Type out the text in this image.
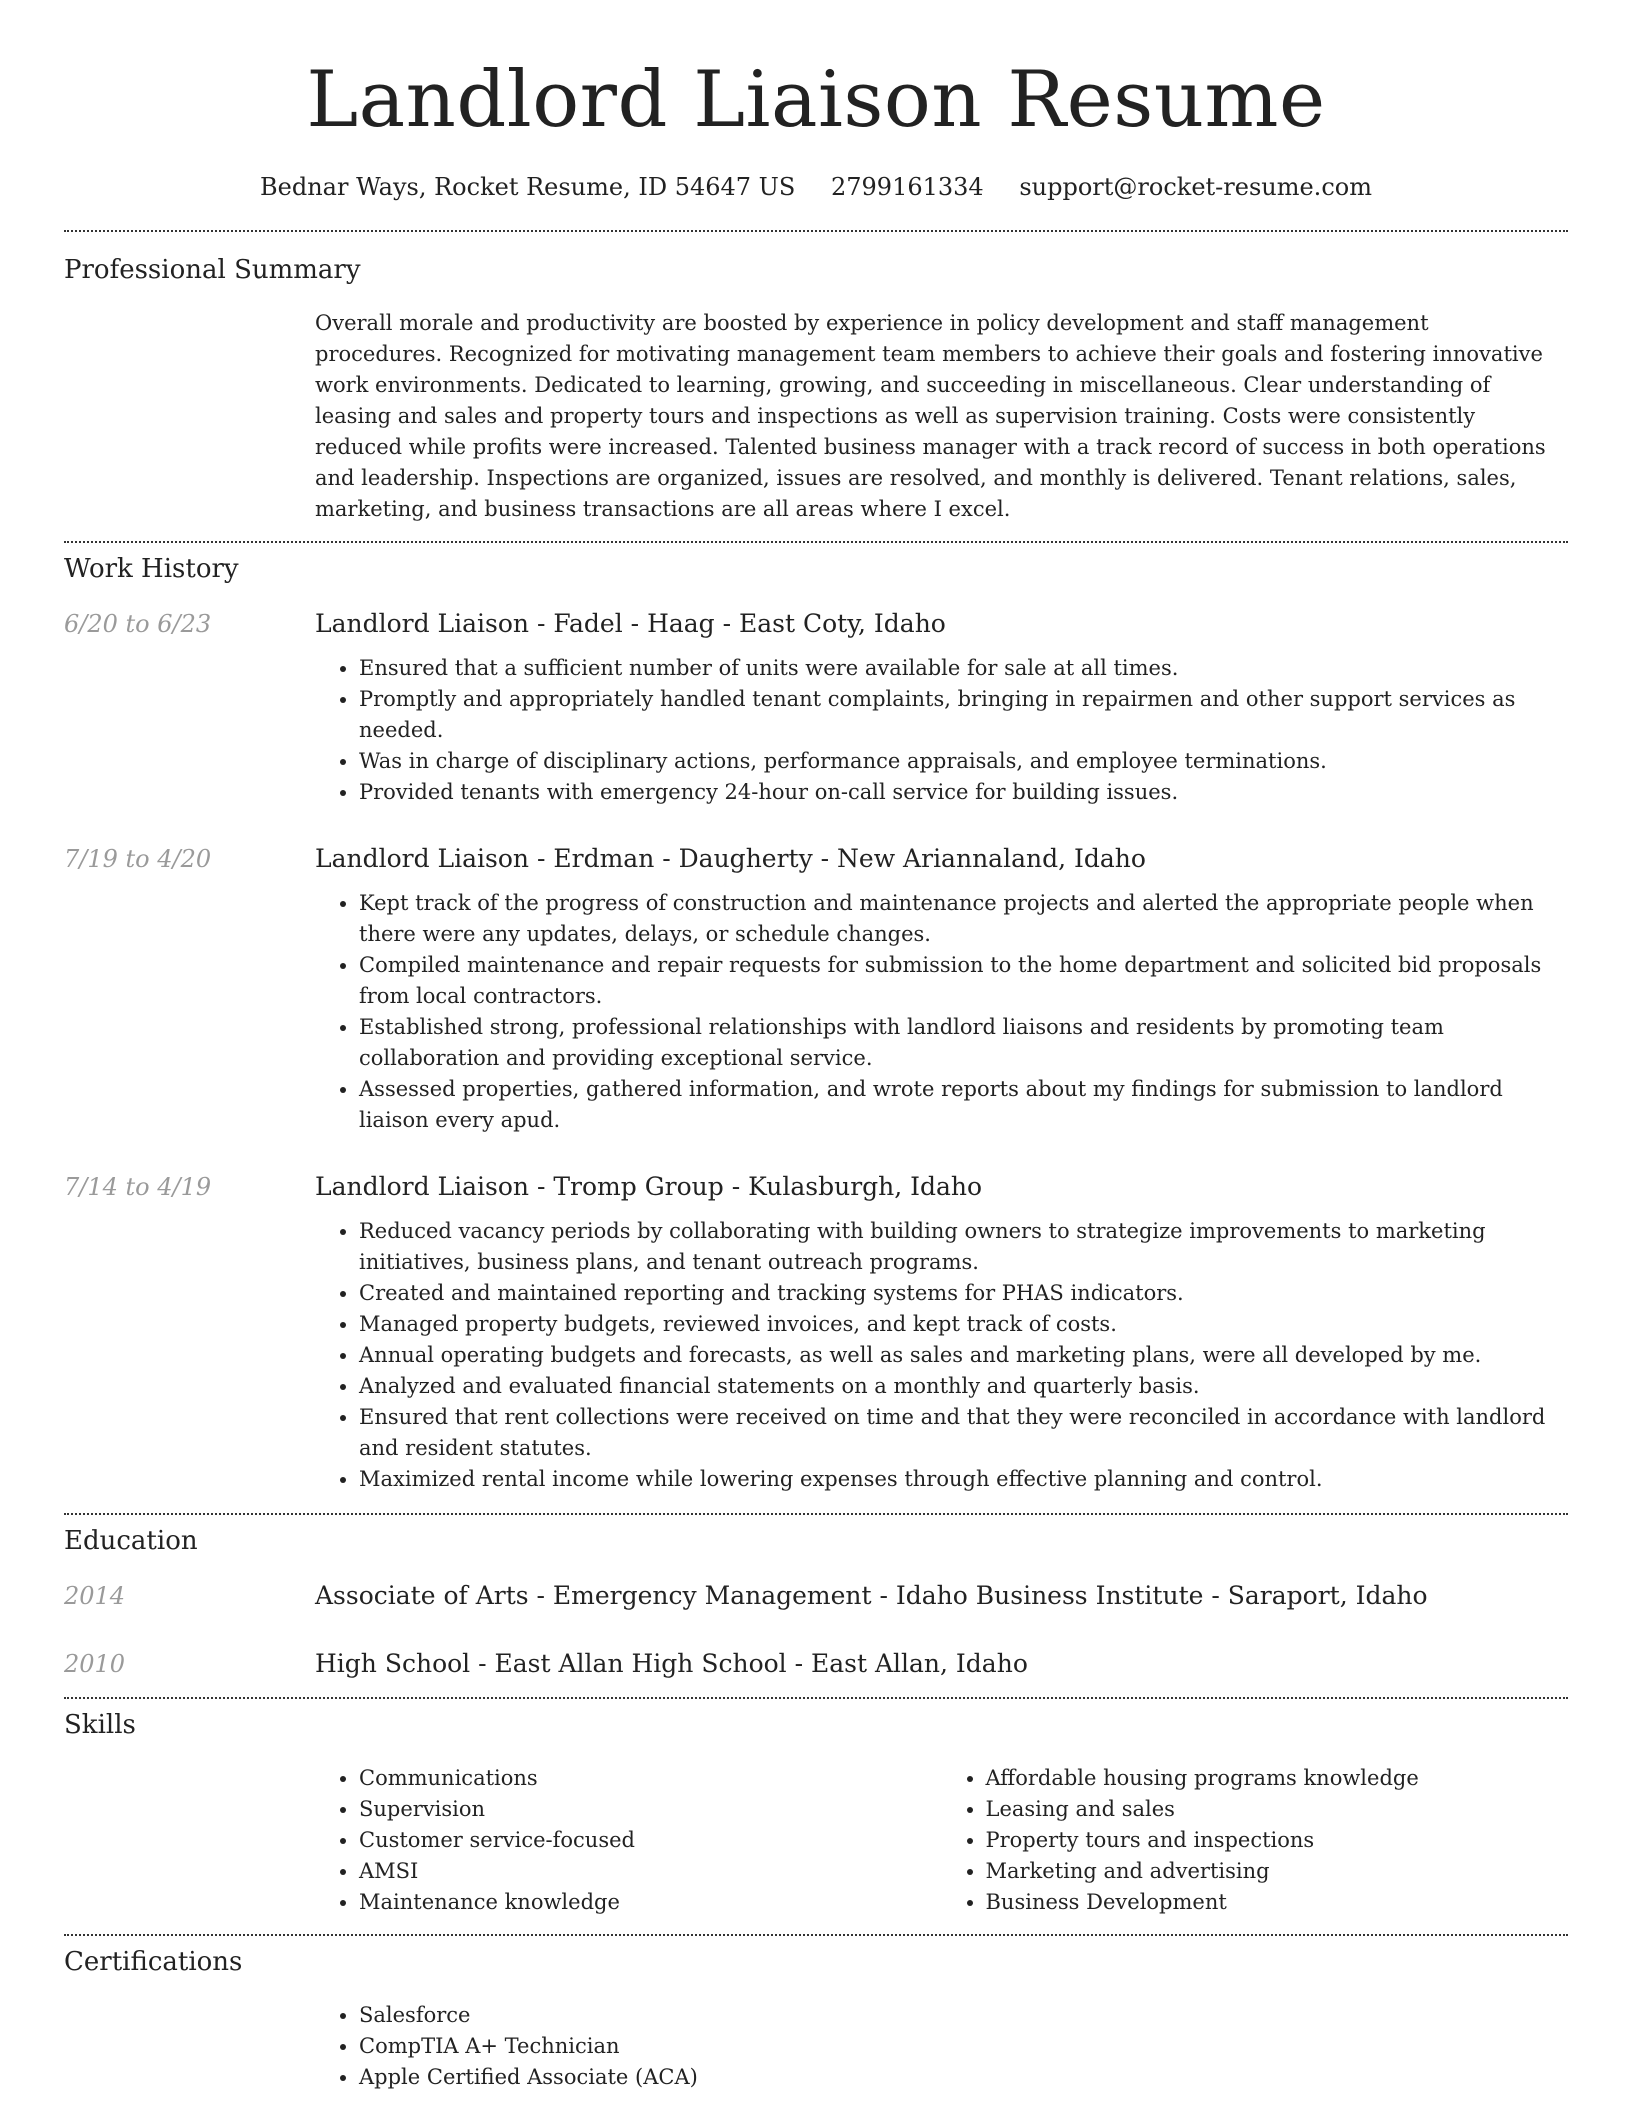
Landlord Liaison Resume
Bednar Ways, Rocket Resume, ID 54647 US 2799161334 support@rocket-resume.com
Professional Summary

Overall morale and productivity are boosted by experience in policy development and staff management procedures. Recognized for motivating management team members to achieve their goals and fostering innovative work environments. Dedicated to learning, growing, and succeeding in miscellaneous. Clear understanding of leasing and sales and property tours and inspections as well as supervision training. Costs were consistently reduced while profits were increased. Talented business manager with a track record of success in both operations and leadership. Inspections are organized, issues are resolved, and monthly is delivered. Tenant relations, sales, marketing, and business transactions are all areas where I excel.

Work History
6/20 to 6/23	Landlord Liaison - Fadel - Haag - East Coty, Idaho
• Ensured that a sufficient number of units were available for sale at all times.
• Promptly and appropriately handled tenant complaints, bringing in repairmen and other support services as needed.
• Was in charge of disciplinary actions, performance appraisals, and employee terminations.
• Provided tenants with emergency 24-hour on-call service for building issues.
7/19 to 4/20	Landlord Liaison - Erdman - Daugherty - New Ariannaland, Idaho
• Kept track of the progress of construction and maintenance projects and alerted the appropriate people when there were any updates, delays, or schedule changes.
• Compiled maintenance and repair requests for submission to the home department and solicited bid proposals from local contractors.
• Established strong, professional relationships with landlord liaisons and residents by promoting team collaboration and providing exceptional service.
• Assessed properties, gathered information, and wrote reports about my findings for submission to landlord liaison every apud.
7/14 to 4/19	Landlord Liaison - Tromp Group - Kulasburgh, Idaho
• Reduced vacancy periods by collaborating with building owners to strategize improvements to marketing initiatives, business plans, and tenant outreach programs.
• Created and maintained reporting and tracking systems for PHAS indicators.
• Managed property budgets, reviewed invoices, and kept track of costs.
• Annual operating budgets and forecasts, as well as sales and marketing plans, were all developed by me.
• Analyzed and evaluated financial statements on a monthly and quarterly basis.
• Ensured that rent collections were received on time and that they were reconciled in accordance with landlord and resident statutes.
• Maximized rental income while lowering expenses through effective planning and control.
Education
2014	Associate of Arts - Emergency Management - Idaho Business Institute - Saraport, Idaho
2010	High School - East Allan High School - East Allan, Idaho
Skills
• Communications
• Supervision
• Customer service-focused
• AMSI
• Maintenance knowledge
• Affordable housing programs knowledge
• Leasing and sales
• Property tours and inspections
• Marketing and advertising
• Business Development
Certifications
• Salesforce
• CompTIA A+ Technician
• Apple Certified Associate (ACA)
